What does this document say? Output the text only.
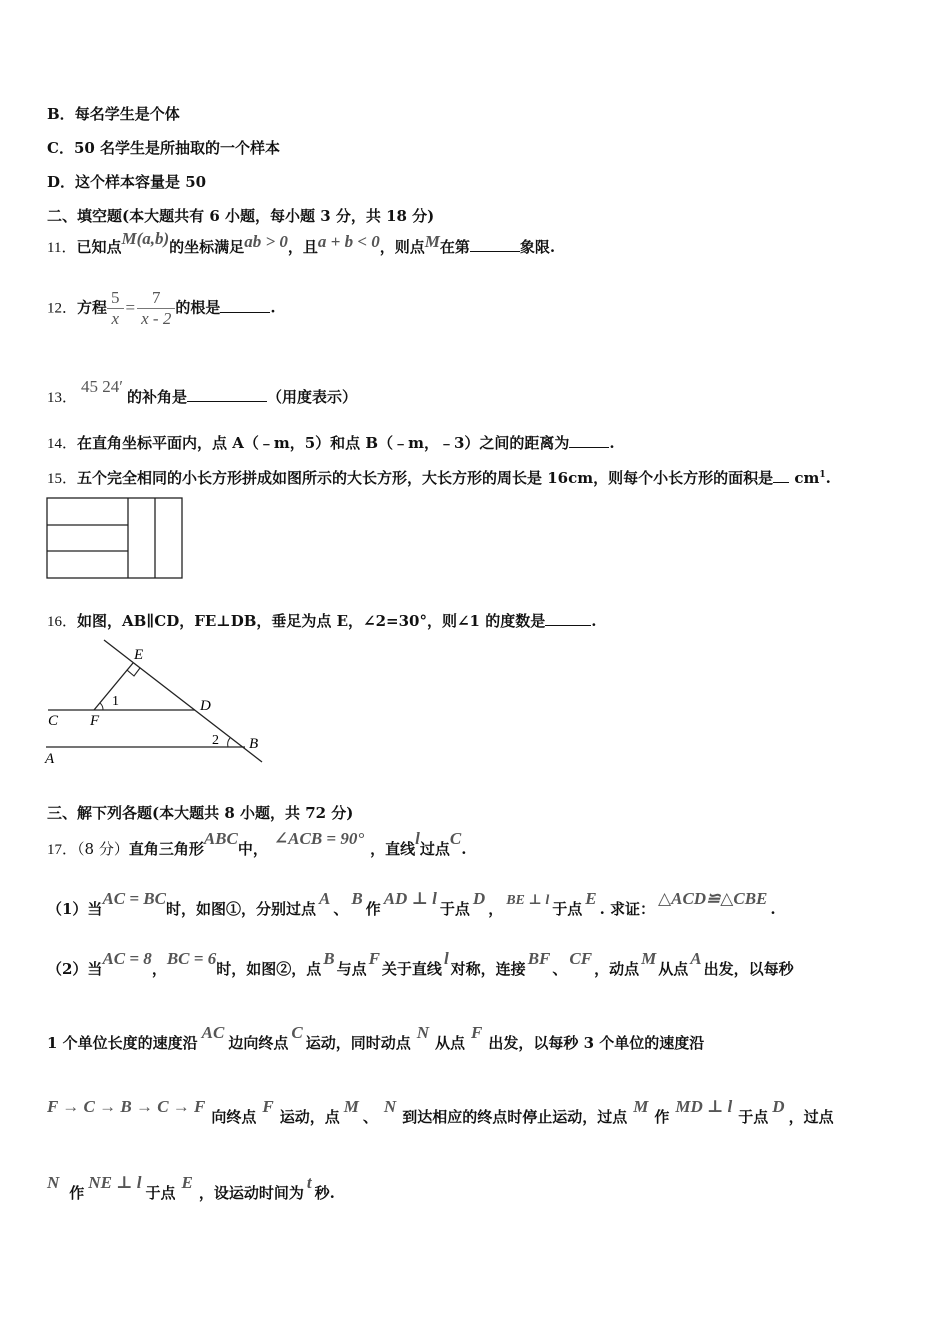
B．每名学生是个体
C．50 名学生是所抽取的一个样本
D．这个样本容量是 50
二、填空题(本大题共有 6 小题，每小题 3 分，共 18 分)
11．已知点M(a,b)的坐标满足ab > 0，且a + b < 0，则点M在第	象限.
12．方程 $\frac{5}{x} = \frac{7}{x - 2}$ 的根是	.
13．45 24′的补角是	（用度表示）
14．在直角坐标平面内，点 A（﹣m，5）和点 B（﹣m，﹣3）之间的距离为	.
15．五个完全相同的小长方形拼成如图所示的大长方形，大长方形的周长是 16cm，则每个小长方形的面积是 $cm^1$.
16．如图，AB∥CD，FE⊥DB，垂足为点 E，∠2=30°，则∠1 的度数是	.
E
D
C F
A
B
1
2
三、解下列各题(本大题共 8 小题，共 72 分)
17．（8 分）直角三角形ABC中，∠ACB = 90°，直线l过点C.
（1）当AC = BC时，如图①，分别过点A、B作AD ⊥ l于点D， BE ⊥ l 于点E. 求证：△ACD≌△CBE.
（2）当AC = 8，BC = 6时，如图②，点B与点F关于直线l对称，连接BF、CF，动点M从点A出发，以每秒
1 个单位长度的速度沿AC边向终点C运动，同时动点N从点F出发，以每秒 3 个单位的速度沿
F → C → B → C → F向终点F运动，点M、N到达相应的终点时停止运动，过点M作MD ⊥ l于点D，过点
N作NE ⊥ l于点E，设运动时间为t秒.
